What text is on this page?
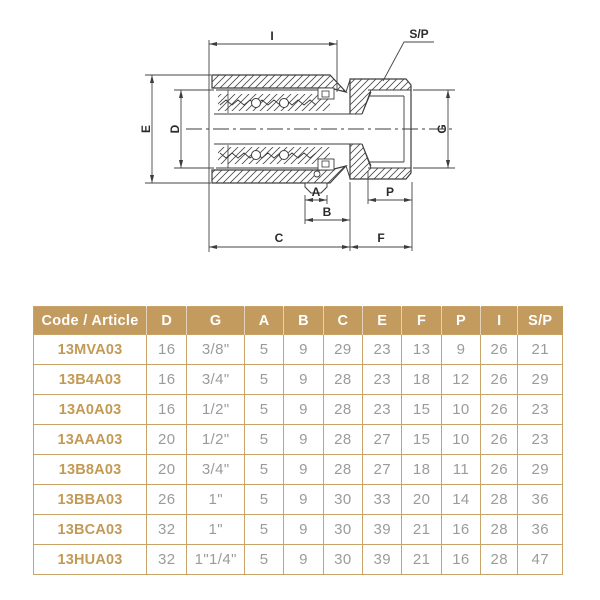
I	S/P
E D	G
A
B
C	F
P
Code / Article	D	G	A	B	C	E	F	P	I	S/P
13MVA03	16	3/8"	5	9	29	23	13	9	26	21
13B4A03	16	3/4"	5	9	28	23	18	12	26	29
13A0A03	16	1/2"	5	9	28	23	15	10	26	23
13AAA03	20	1/2"	5	9	28	27	15	10	26	23
13B8A03	20	3/4"	5	9	28	27	18	11	26	29
13BBA03	26	1"	5	9	30	33	20	14	28	36
13BCA03	32	1"	5	9	30	39	21	16	28	36
13HUA03	32	1"1/4"	5	9	30	39	21	16	28	47
